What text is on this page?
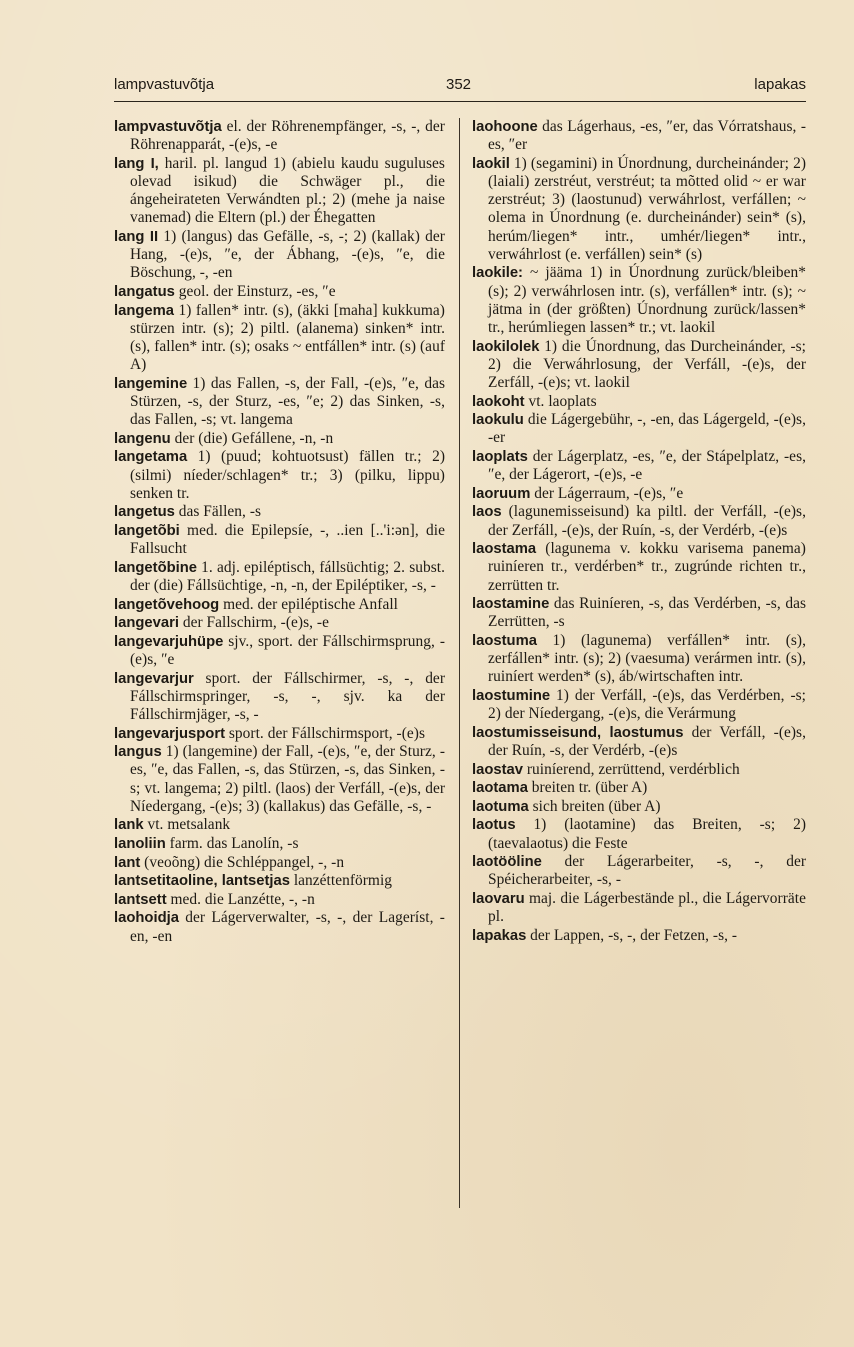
lampvastuvõtja	352	lapakas

lampvastuvõtja el. der Röhrenempfänger, -s, -, der Röhrenapparát, -(e)s, -e

lang I, haril. pl. langud 1) (abielu kaudu suguluses olevad isikud) die Schwäger pl., die ángeheirateten Verwándten pl.; 2) (mehe ja naise vanemad) die Eltern (pl.) der Éhegatten

lang II 1) (langus) das Gefälle, -s, -; 2) (kallak) der Hang, -(e)s, ″e, der Ábhang, -(e)s, ″e, die Böschung, -, -en

langatus geol. der Einsturz, -es, ″e

langema 1) fallen* intr. (s), (äkki [maha] kukkuma) stürzen intr. (s); 2) piltl. (alanema) sinken* intr. (s), fallen* intr. (s); osaks ~ entfállen* intr. (s) (auf A)

langemine 1) das Fallen, -s, der Fall, -(e)s, ″e, das Stürzen, -s, der Sturz, -es, ″e; 2) das Sinken, -s, das Fallen, -s; vt. langema

langenu der (die) Gefállene, -n, -n

langetama 1) (puud; kohtuotsust) fällen tr.; 2) (silmi) níeder/schlagen* tr.; 3) (pilku, lippu) senken tr.

langetus das Fällen, -s

langetõbi med. die Epilepsíe, -, ..ien [..'i:ən], die Fallsucht

langetõbine 1. adj. epiléptisch, fállsüchtig; 2. subst. der (die) Fállsüchtige, -n, -n, der Epiléptiker, -s, -

langetõvehoog med. der epiléptische Anfall

langevari der Fallschirm, -(e)s, -e

langevarjuhüpe sjv., sport. der Fállschirmsprung, -(e)s, ″e

langevarjur sport. der Fállschirmer, -s, -, der Fállschirmspringer, -s, -, sjv. ka der Fállschirmjäger, -s, -

langevarjusport sport. der Fállschirmsport, -(e)s

langus 1) (langemine) der Fall, -(e)s, ″e, der Sturz, -es, ″e, das Fallen, -s, das Stürzen, -s, das Sinken, -s; vt. langema; 2) piltl. (laos) der Verfáll, -(e)s, der Níedergang, -(e)s; 3) (kallakus) das Gefälle, -s, -

lank vt. metsalank

lanoliin farm. das Lanolín, -s

lant (veoõng) die Schléppangel, -, -n

lantsetitaoline, lantsetjas lanzéttenförmig

lantsett med. die Lanzétte, -, -n

laohoidja der Lágerverwalter, -s, -, der Lageríst, -en, -en

laohoone das Lágerhaus, -es, ″er, das Vórratshaus, -es, ″er

laokil 1) (segamini) in Únordnung, durcheinánder; 2) (laiali) zerstréut, verstréut; ta mõtted olid ~ er war zerstréut; 3) (laostunud) verwáhrlost, verfállen; ~ olema in Únordnung (e. durcheinánder) sein* (s), herúm/liegen* intr., umhér/liegen* intr., verwáhrlost (e. verfállen) sein* (s)

laokile: ~ jääma 1) in Únordnung zurück/bleiben* (s); 2) verwáhrlosen intr. (s), verfállen* intr. (s); ~ jätma in (der größten) Únordnung zurück/lassen* tr., herúmliegen lassen* tr.; vt. laokil

laokilolek 1) die Únordnung, das Durcheinánder, -s; 2) die Verwáhrlosung, der Verfáll, -(e)s, der Zerfáll, -(e)s; vt. laokil

laokoht vt. laoplats

laokulu die Lágergebühr, -, -en, das Lágergeld, -(e)s, -er

laoplats der Lágerplatz, -es, ″e, der Stápelplatz, -es, ″e, der Lágerort, -(e)s, -e

laoruum der Lágerraum, -(e)s, ″e

laos (lagunemisseisund) ka piltl. der Verfáll, -(e)s, der Zerfáll, -(e)s, der Ruín, -s, der Verdérb, -(e)s

laostama (lagunema v. kokku varisema panema) ruiníeren tr., verdérben* tr., zugrúnde richten tr., zerrütten tr.

laostamine das Ruiníeren, -s, das Verdérben, -s, das Zerrütten, -s

laostuma 1) (lagunema) verfállen* intr. (s), zerfállen* intr. (s); 2) (vaesuma) verármen intr. (s), ruiníert werden* (s), áb/wirtschaften intr.

laostumine 1) der Verfáll, -(e)s, das Verdérben, -s; 2) der Níedergang, -(e)s, die Verármung

laostumisseisund, laostumus der Verfáll, -(e)s, der Ruín, -s, der Verdérb, -(e)s

laostav ruiníerend, zerrüttend, verdérblich

laotama breiten tr. (über A)

laotuma sich breiten (über A)

laotus 1) (laotamine) das Breiten, -s; 2) (taevalaotus) die Feste

laotööline der Lágerarbeiter, -s, -, der Spéicherarbeiter, -s, -

laovaru maj. die Lágerbestände pl., die Lágervorräte pl.

lapakas der Lappen, -s, -, der Fetzen, -s, -
